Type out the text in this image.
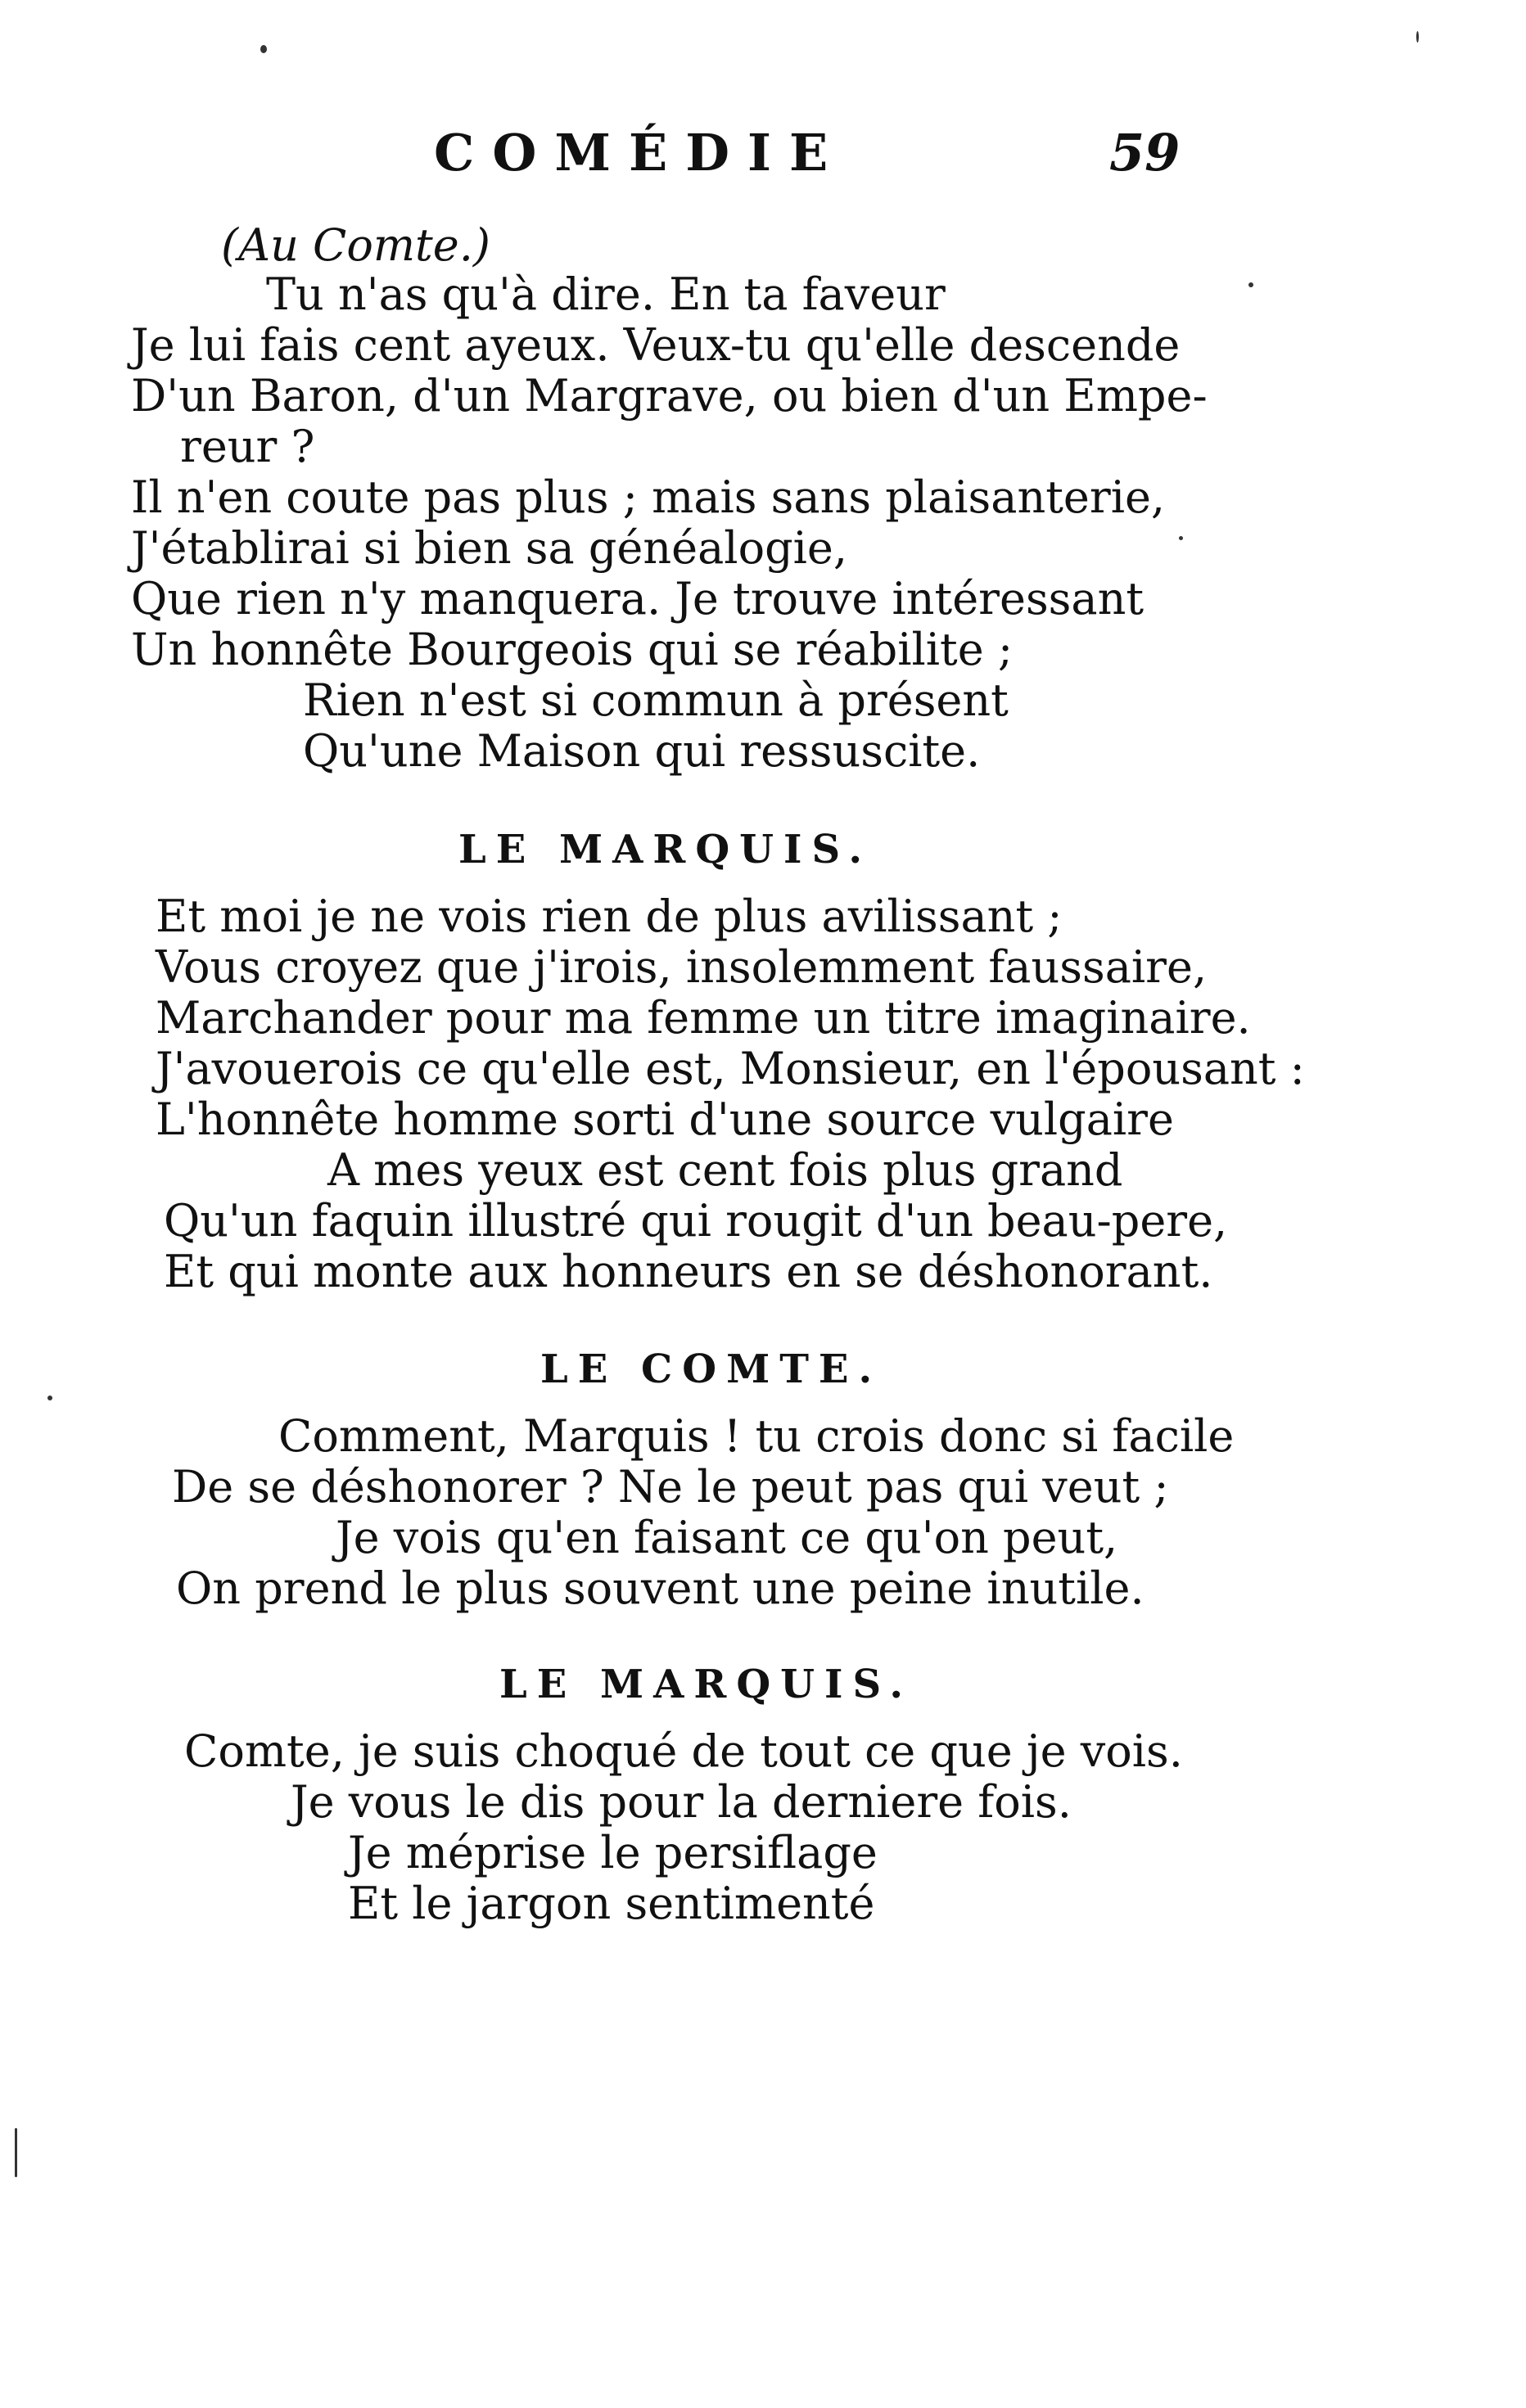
COMÉDIE	59
(Au Comte.)
Tu n'as qu'à dire. En ta faveur
Je lui fais cent ayeux. Veux-tu qu'elle descende
D'un Baron, d'un Margrave, ou bien d'un Empe-
reur ?
Il n'en coute pas plus ; mais sans plaisanterie,
J'établirai si bien sa généalogie,
Que rien n'y manquera. Je trouve intéressant
Un honnête Bourgeois qui se réabilite ;
Rien n'est si commun à présent
Qu'une Maison qui ressuscite.
LE MARQUIS.
Et moi je ne vois rien de plus avilissant ;
Vous croyez que j'irois, insolemment faussaire,
Marchander pour ma femme un titre imaginaire.
J'avouerois ce qu'elle est, Monsieur, en l'épousant :
L'honnête homme sorti d'une source vulgaire
A mes yeux est cent fois plus grand
Qu'un faquin illustré qui rougit d'un beau-pere,
Et qui monte aux honneurs en se déshonorant.
LE COMTE.
Comment, Marquis ! tu crois donc si facile
De se déshonorer ? Ne le peut pas qui veut ;
Je vois qu'en faisant ce qu'on peut,
On prend le plus souvent une peine inutile.
LE MARQUIS.
Comte, je suis choqué de tout ce que je vois.
Je vous le dis pour la derniere fois.
Je méprise le persiflage
Et le jargon sentimenté
